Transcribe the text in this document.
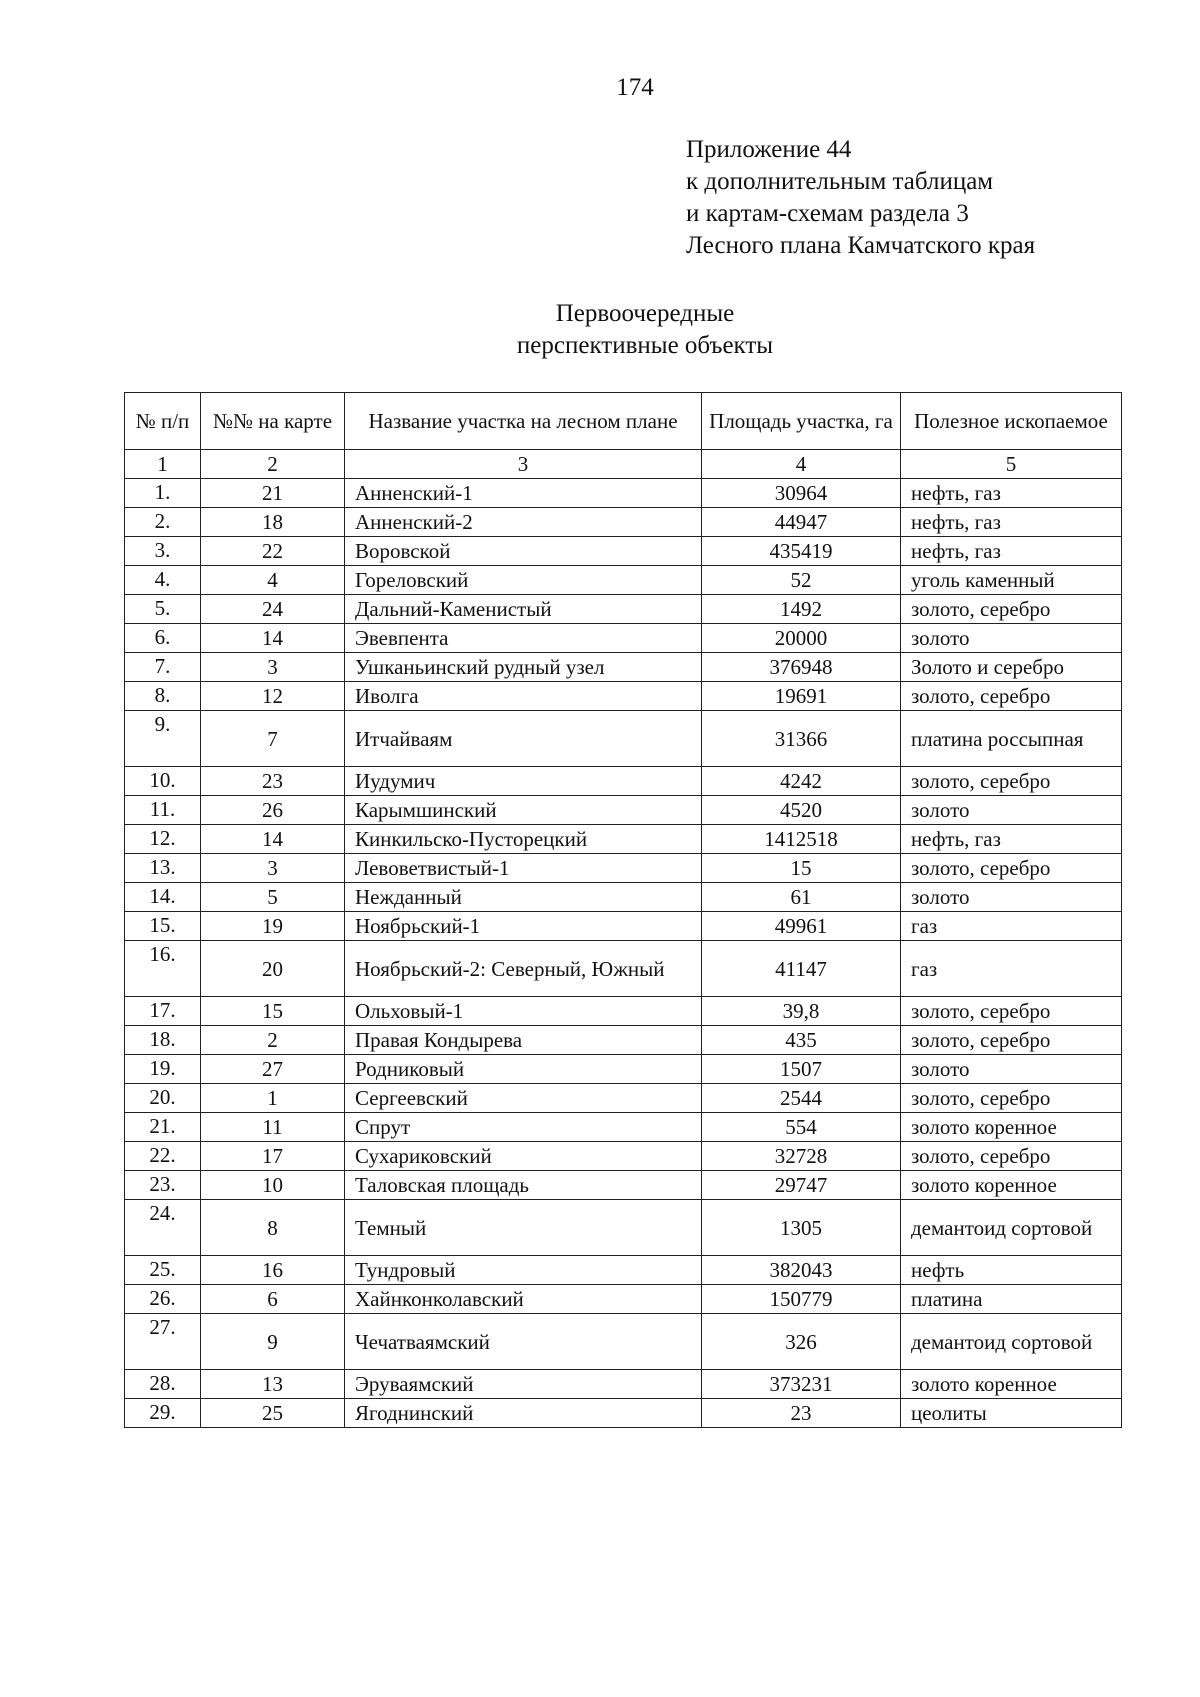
174
Приложение 44
к дополнительным таблицам
и картам-схемам раздела 3
Лесного плана Камчатского края
Первоочередные
перспективные объекты
№ п/п	№№ на карте	Название участка на лесном плане	Площадь участка, га	Полезное ископаемое
1	2	3	4	5
1.	21	Анненский-1	30964	нефть, газ
2.	18	Анненский-2	44947	нефть, газ
3.	22	Воровской	435419	нефть, газ
4.	4	Гореловский	52	уголь каменный
5.	24	Дальний-Каменистый	1492	золото, серебро
6.	14	Эвевпента	20000	золото
7.	3	Ушканьинский рудный узел	376948	Золото и серебро
8.	12	Иволга	19691	золото, серебро
9.	7	Итчайваям	31366	платина россыпная
10.	23	Иудумич	4242	золото, серебро
11.	26	Карымшинский	4520	золото
12.	14	Кинкильско-Пусторецкий	1412518	нефть, газ
13.	3	Левоветвистый-1	15	золото, серебро
14.	5	Нежданный	61	золото
15.	19	Ноябрьский-1	49961	газ
16.	20	Ноябрьский-2: Северный, Южный	41147	газ
17.	15	Ольховый-1	39,8	золото, серебро
18.	2	Правая Кондырева	435	золото, серебро
19.	27	Родниковый	1507	золото
20.	1	Сергеевский	2544	золото, серебро
21.	11	Спрут	554	золото коренное
22.	17	Сухариковский	32728	золото, серебро
23.	10	Таловская площадь	29747	золото коренное
24.	8	Темный	1305	демантоид сортовой
25.	16	Тундровый	382043	нефть
26.	6	Хайнконколавский	150779	платина
27.	9	Чечатваямский	326	демантоид сортовой
28.	13	Эруваямский	373231	золото коренное
29.	25	Ягоднинский	23	цеолиты
